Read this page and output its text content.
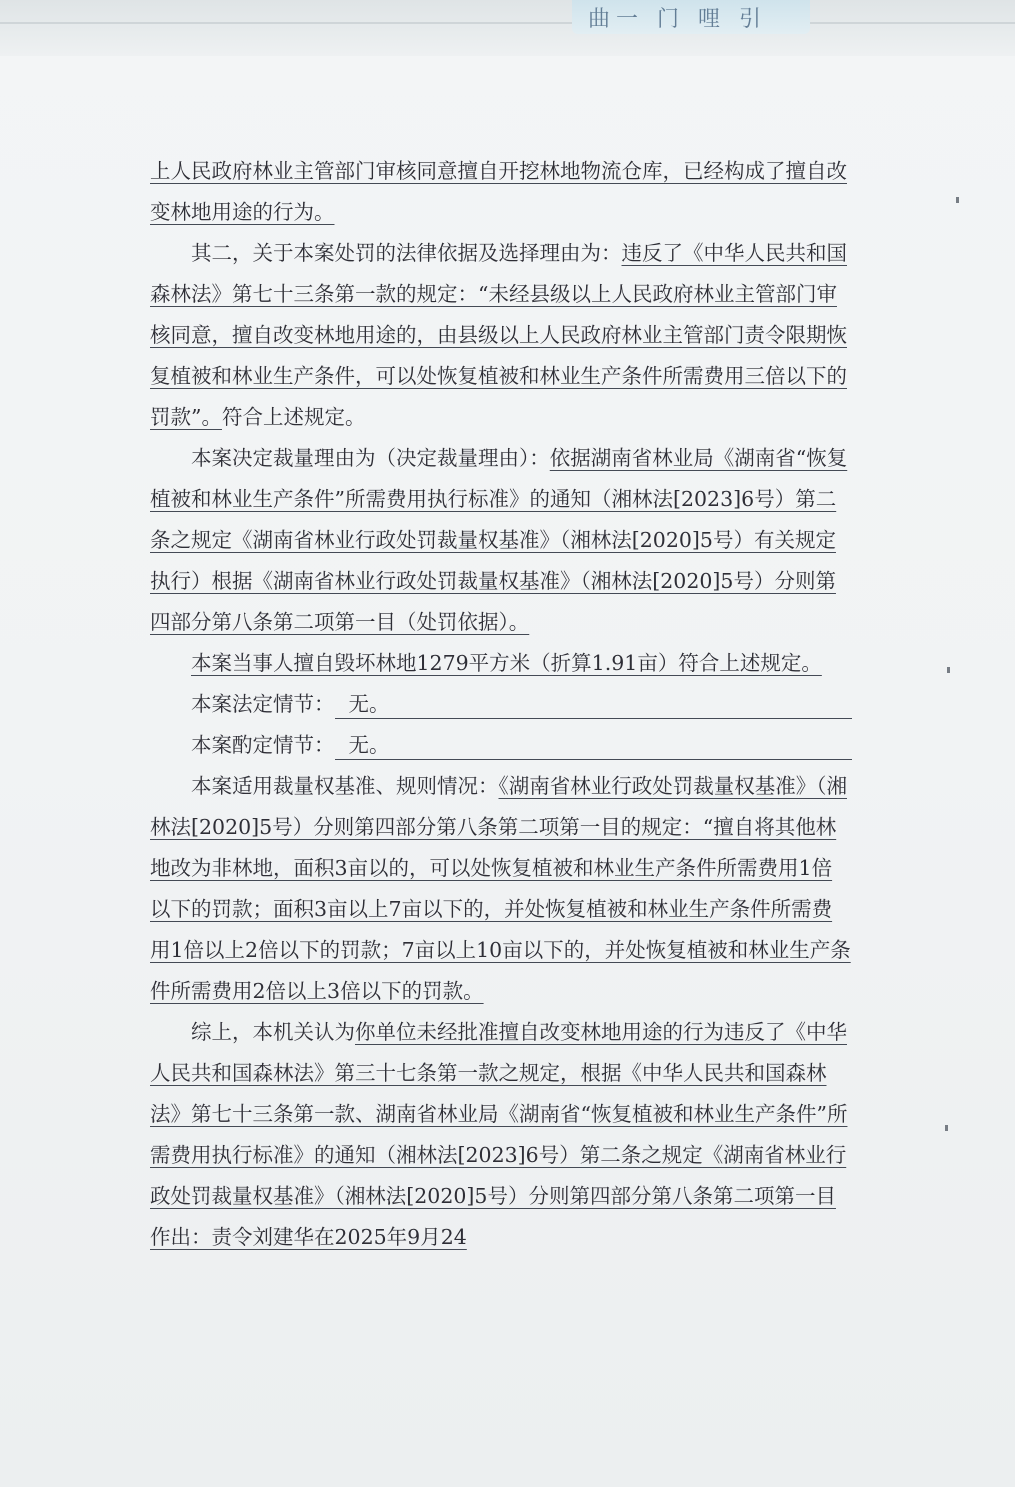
曲一 门 哩 引

上人民政府林业主管部门审核同意擅自开挖林地物流仓库，已经构成了擅自改变林地用途的行为。

其二，关于本案处罚的法律依据及选择理由为：违反了《中华人民共和国森林法》第七十三条第一款的规定：“未经县级以上人民政府林业主管部门审核同意，擅自改变林地用途的，由县级以上人民政府林业主管部门责令限期恢复植被和林业生产条件，可以处恢复植被和林业生产条件所需费用三倍以下的罚款”。符合上述规定。

本案决定裁量理由为（决定裁量理由）：依据湖南省林业局《湖南省“恢复植被和林业生产条件”所需费用执行标准》的通知（湘林法[2023]6号）第二条之规定《湖南省林业行政处罚裁量权基准》（湘林法[2020]5号）有关规定执行）根据《湖南省林业行政处罚裁量权基准》（湘林法[2020]5号）分则第四部分第八条第二项第一目（处罚依据）。

本案当事人擅自毁坏林地1279平方米（折算1.91亩）符合上述规定。

本案法定情节： 无。
本案酌定情节： 无。

本案适用裁量权基准、规则情况：《湖南省林业行政处罚裁量权基准》（湘林法[2020]5号）分则第四部分第八条第二项第一目的规定：“擅自将其他林地改为非林地，面积3亩以的，可以处恢复植被和林业生产条件所需费用1倍以下的罚款；面积3亩以上7亩以下的，并处恢复植被和林业生产条件所需费用1倍以上2倍以下的罚款；7亩以上10亩以下的，并处恢复植被和林业生产条件所需费用2倍以上3倍以下的罚款。

综上，本机关认为你单位未经批准擅自改变林地用途的行为违反了《中华人民共和国森林法》第三十七条第一款之规定，根据《中华人民共和国森林法》第七十三条第一款、湖南省林业局《湖南省“恢复植被和林业生产条件”所需费用执行标准》的通知（湘林法[2023]6号）第二条之规定《湖南省林业行政处罚裁量权基准》（湘林法[2020]5号）分则第四部分第八条第二项第一目作出：责令刘建华在2025年9月24
